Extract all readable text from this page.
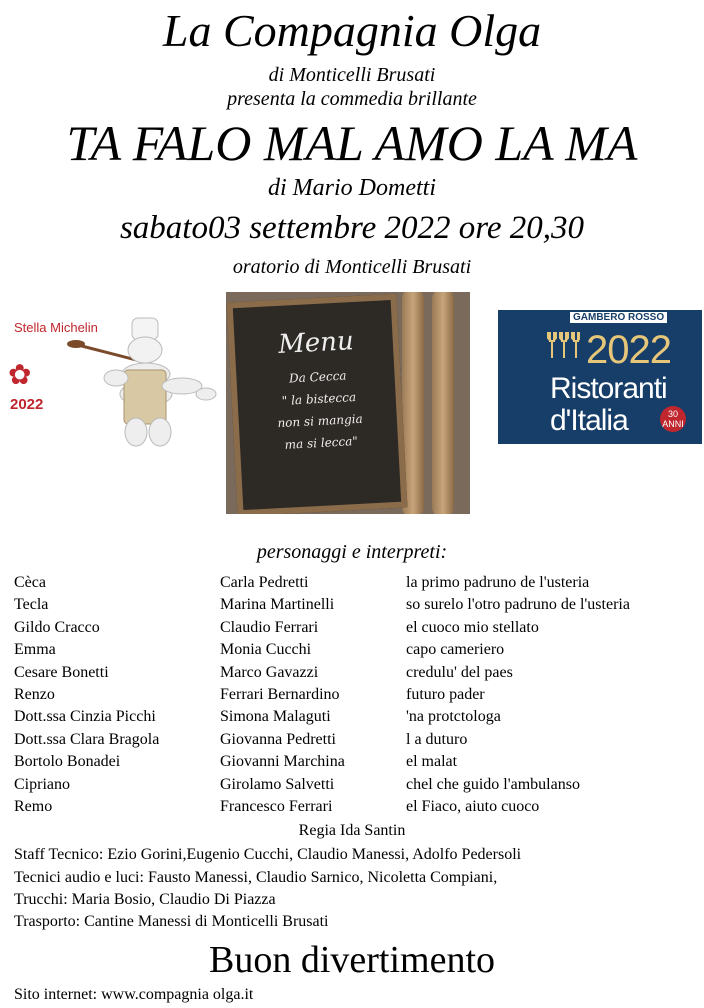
La Compagnia Olga
di Monticelli Brusati
presenta la commedia brillante
TA FALO MAL AMO LA MA
di Mario Dometti
sabato03 settembre 2022 ore 20,30
oratorio di Monticelli Brusati
Stella Michelin
✿
2022
Menu
Da Cecca
" la bistecca
non si mangia
ma si lecca"
GAMBERO ROSSO
2022
Ristoranti
d'Italia	30 ANNI
personaggi e interpreti:
Cèca	Carla Pedretti	la primo padruno de l'usteria
Tecla	Marina Martinelli	so surelo l'otro padruno de l'usteria
Gildo Cracco	Claudio Ferrari	el cuoco mio stellato
Emma	Monia Cucchi	capo cameriero
Cesare Bonetti	Marco Gavazzi	credulu' del paes
Renzo	Ferrari Bernardino	futuro pader
Dott.ssa Cinzia Picchi	Simona Malaguti	'na protctologa
Dott.ssa Clara Bragola	Giovanna Pedretti	l a duturo
Bortolo Bonadei	Giovanni Marchina	el malat
Cipriano	Girolamo Salvetti	chel che guido l'ambulanso
Remo	Francesco Ferrari	el Fiaco, aiuto cuoco
Regia Ida Santin
Staff Tecnico: Ezio Gorini,Eugenio Cucchi, Claudio Manessi, Adolfo Pedersoli
Tecnici audio e luci: Fausto Manessi, Claudio Sarnico, Nicoletta Compiani,
Trucchi: Maria Bosio, Claudio Di Piazza
Trasporto: Cantine Manessi di Monticelli Brusati
Buon divertimento
Sito internet: www.compagnia olga.it
